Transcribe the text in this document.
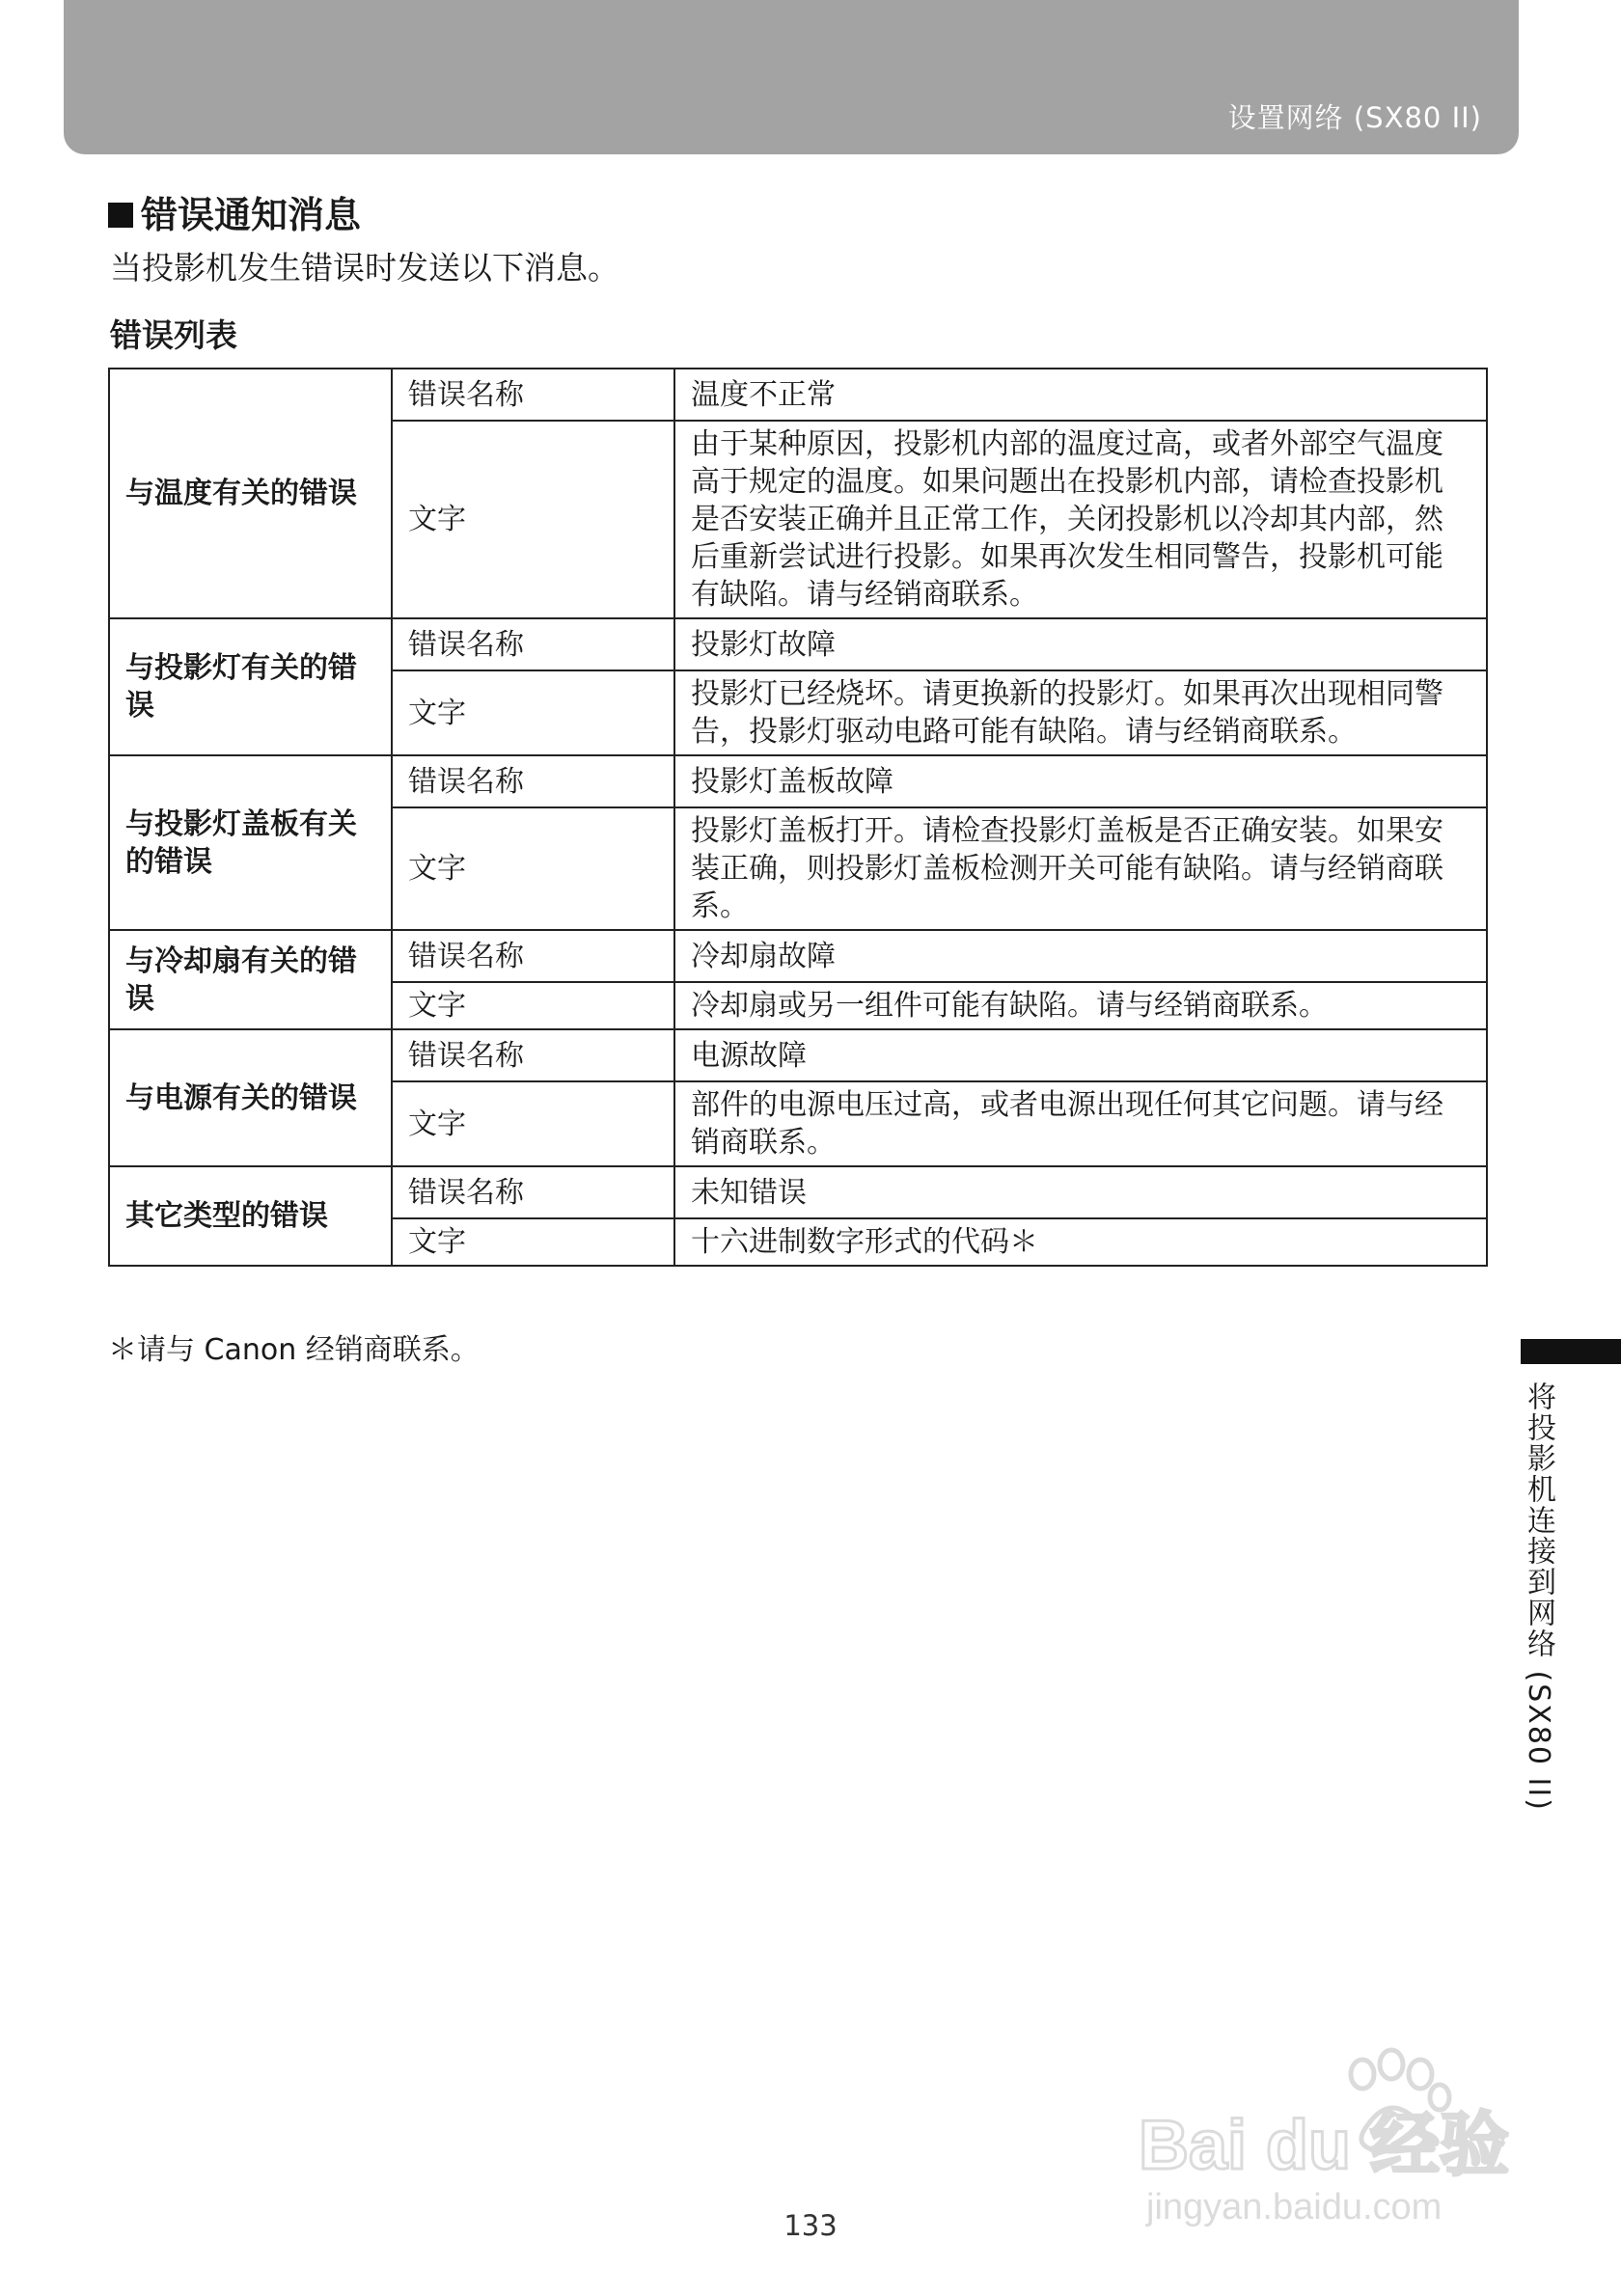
设置网络 (SX80 II)
错误通知消息

当投影机发生错误时发送以下消息。

错误列表

与温度有关的错误	错误名称	温度不正常
	文字	由于某种原因，投影机内部的温度过高，或者外部空气温度高于规定的温度。如果问题出在投影机内部，请检查投影机是否安装正确并且正常工作，关闭投影机以冷却其内部，然后重新尝试进行投影。如果再次发生相同警告，投影机可能有缺陷。请与经销商联系。
与投影灯有关的错误	错误名称	投影灯故障
	文字	投影灯已经烧坏。请更换新的投影灯。如果再次出现相同警告，投影灯驱动电路可能有缺陷。请与经销商联系。
与投影灯盖板有关的错误	错误名称	投影灯盖板故障
	文字	投影灯盖板打开。请检查投影灯盖板是否正确安装。如果安装正确，则投影灯盖板检测开关可能有缺陷。请与经销商联系。
与冷却扇有关的错误	错误名称	冷却扇故障
	文字	冷却扇或另一组件可能有缺陷。请与经销商联系。
与电源有关的错误	错误名称	电源故障
	文字	部件的电源电压过高，或者电源出现任何其它问题。请与经销商联系。
其它类型的错误	错误名称	未知错误
	文字	十六进制数字形式的代码＊

＊请与 Canon 经销商联系。

将投影机连接到网络 (SX80 II)
133
Bai du 经验
jingyan.baidu.com
